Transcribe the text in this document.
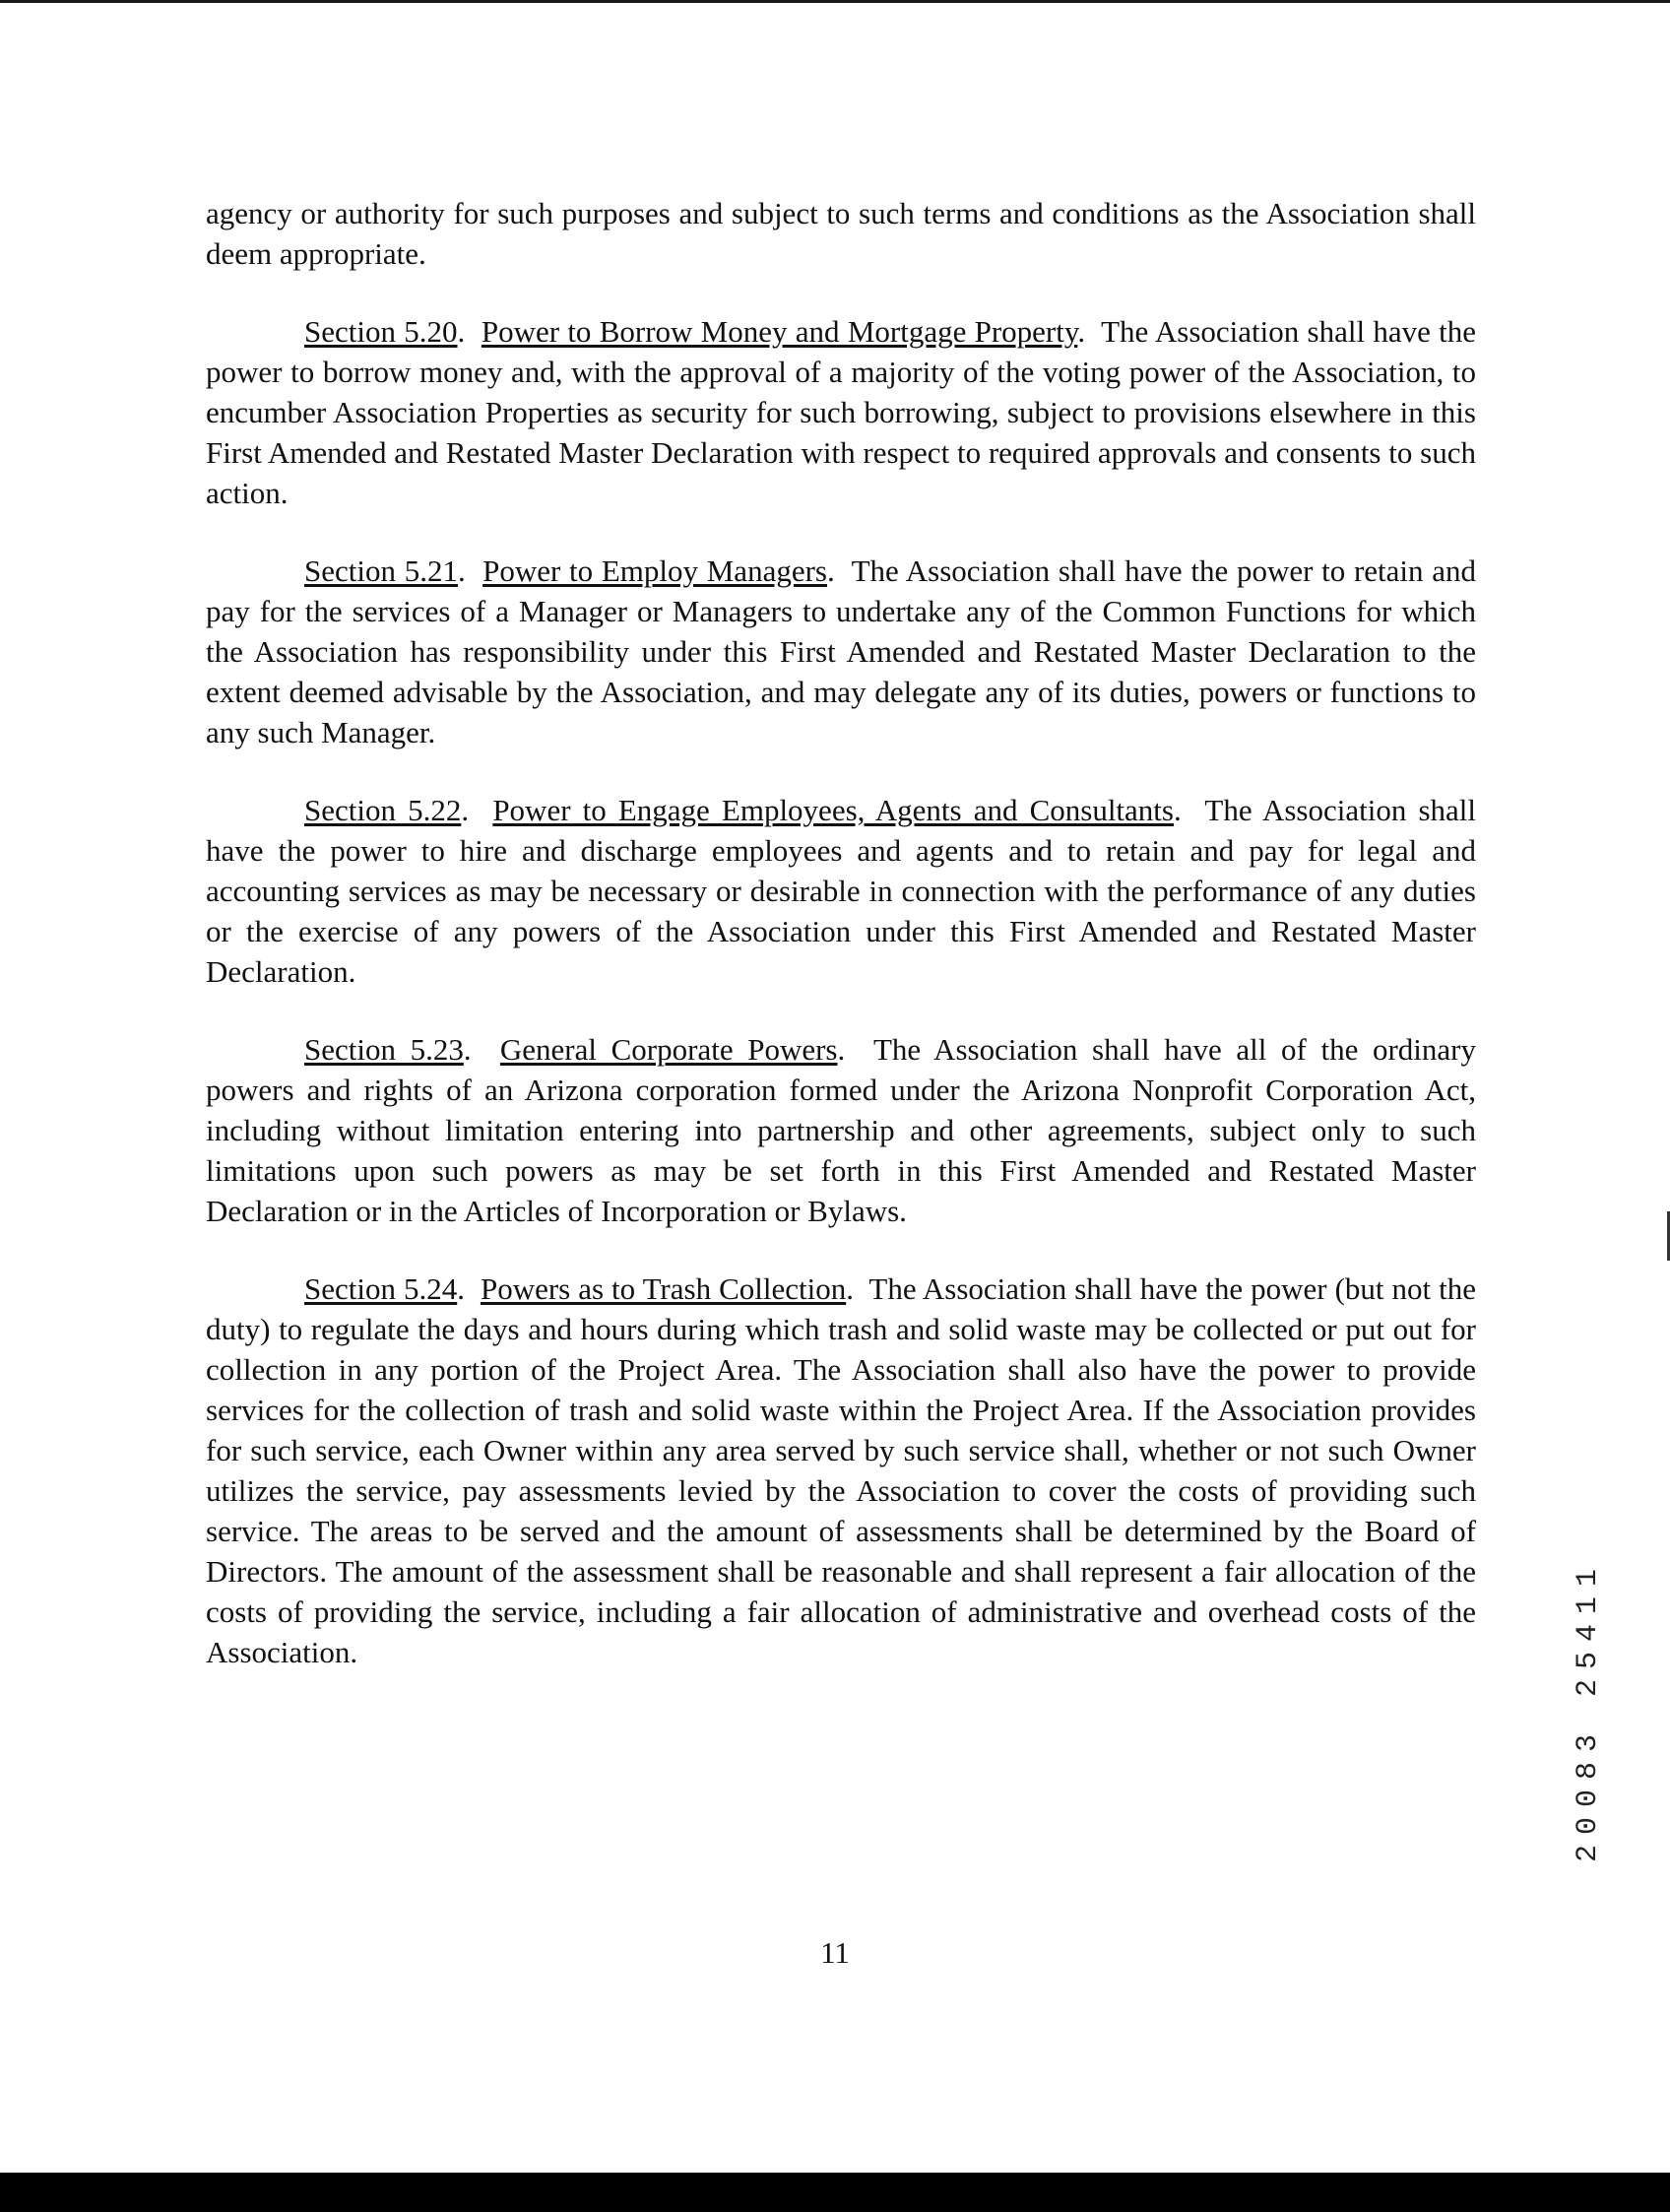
agency or authority for such purposes and subject to such terms and conditions as the Association shall deem appropriate.

Section 5.20.  Power to Borrow Money and Mortgage Property.  The Association shall have the power to borrow money and, with the approval of a majority of the voting power of the Association, to encumber Association Properties as security for such borrowing, subject to provisions elsewhere in this First Amended and Restated Master Declaration with respect to required approvals and consents to such action.

Section 5.21.  Power to Employ Managers.  The Association shall have the power to retain and pay for the services of a Manager or Managers to undertake any of the Common Functions for which the Association has responsibility under this First Amended and Restated Master Declaration to the extent deemed advisable by the Association, and may delegate any of its duties, powers or functions to any such Manager.

Section 5.22.  Power to Engage Employees, Agents and Consultants.  The Association shall have the power to hire and discharge employees and agents and to retain and pay for legal and accounting services as may be necessary or desirable in connection with the performance of any duties or the exercise of any powers of the Association under this First Amended and Restated Master Declaration.

Section 5.23.  General Corporate Powers.  The Association shall have all of the ordinary powers and rights of an Arizona corporation formed under the Arizona Nonprofit Corporation Act, including without limitation entering into partnership and other agreements, subject only to such limitations upon such powers as may be set forth in this First Amended and Restated Master Declaration or in the Articles of Incorporation or Bylaws.

Section 5.24.  Powers as to Trash Collection.  The Association shall have the power (but not the duty) to regulate the days and hours during which trash and solid waste may be collected or put out for collection in any portion of the Project Area. The Association shall also have the power to provide services for the collection of trash and solid waste within the Project Area. If the Association provides for such service, each Owner within any area served by such service shall, whether or not such Owner utilizes the service, pay assessments levied by the Association to cover the costs of providing such service. The areas to be served and the amount of assessments shall be determined by the Board of Directors. The amount of the assessment shall be reasonable and shall represent a fair allocation of the costs of providing the service, including a fair allocation of administrative and overhead costs of the Association.	20083 25411
11
